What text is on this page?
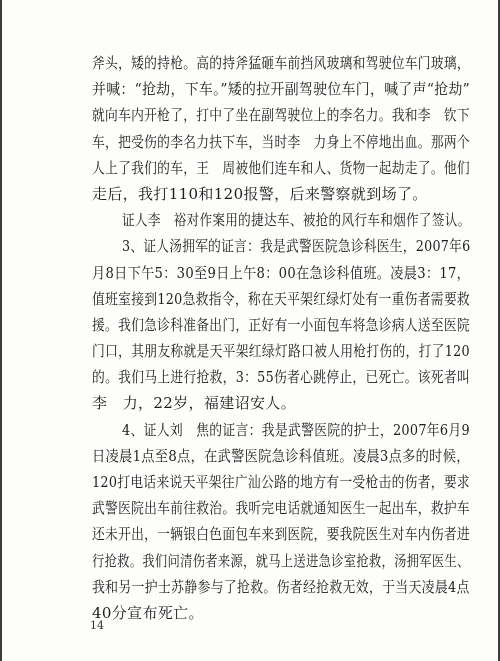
斧头，矮的持枪。高的持斧猛砸车前挡风玻璃和驾驶位车门玻璃，
并喊：“抢劫，下车。”矮的拉开副驾驶位车门，喊了声“抢劫”
就向车内开枪了，打中了坐在副驾驶位上的李名力。我和李　钦下
车，把受伤的李名力扶下车，当时李　力身上不停地出血。那两个
人上了我们的车，王　周被他们连车和人、货物一起劫走了。他们
走后，我打110和120报警，后来警察就到场了。
证人李　裕对作案用的捷达车、被抢的风行车和烟作了签认。
3、证人汤拥军的证言：我是武警医院急诊科医生，2007年6
月8日下午5：30至9日上午8：00在急诊科值班。凌晨3：17，
值班室接到120急救指令，称在天平架红绿灯处有一重伤者需要救
援。我们急诊科准备出门，正好有一小面包车将急诊病人送至医院
门口，其朋友称就是天平架红绿灯路口被人用枪打伤的，打了120
的。我们马上进行抢救，3：55伤者心跳停止，已死亡。该死者叫
李　力，22岁，福建诏安人。
4、证人刘　焦的证言：我是武警医院的护士，2007年6月9
日凌晨1点至8点，在武警医院急诊科值班。凌晨3点多的时候，
120打电话来说天平架往广汕公路的地方有一受枪击的伤者，要求
武警医院出车前往救治。我听完电话就通知医生一起出车，救护车
还未开出，一辆银白色面包车来到医院，要我院医生对车内伤者进
行抢救。我们问清伤者来源，就马上送进急诊室抢救，汤拥军医生、
我和另一护士苏静参与了抢救。伤者经抢救无效，于当天凌晨4点
40分宣布死亡。
14
